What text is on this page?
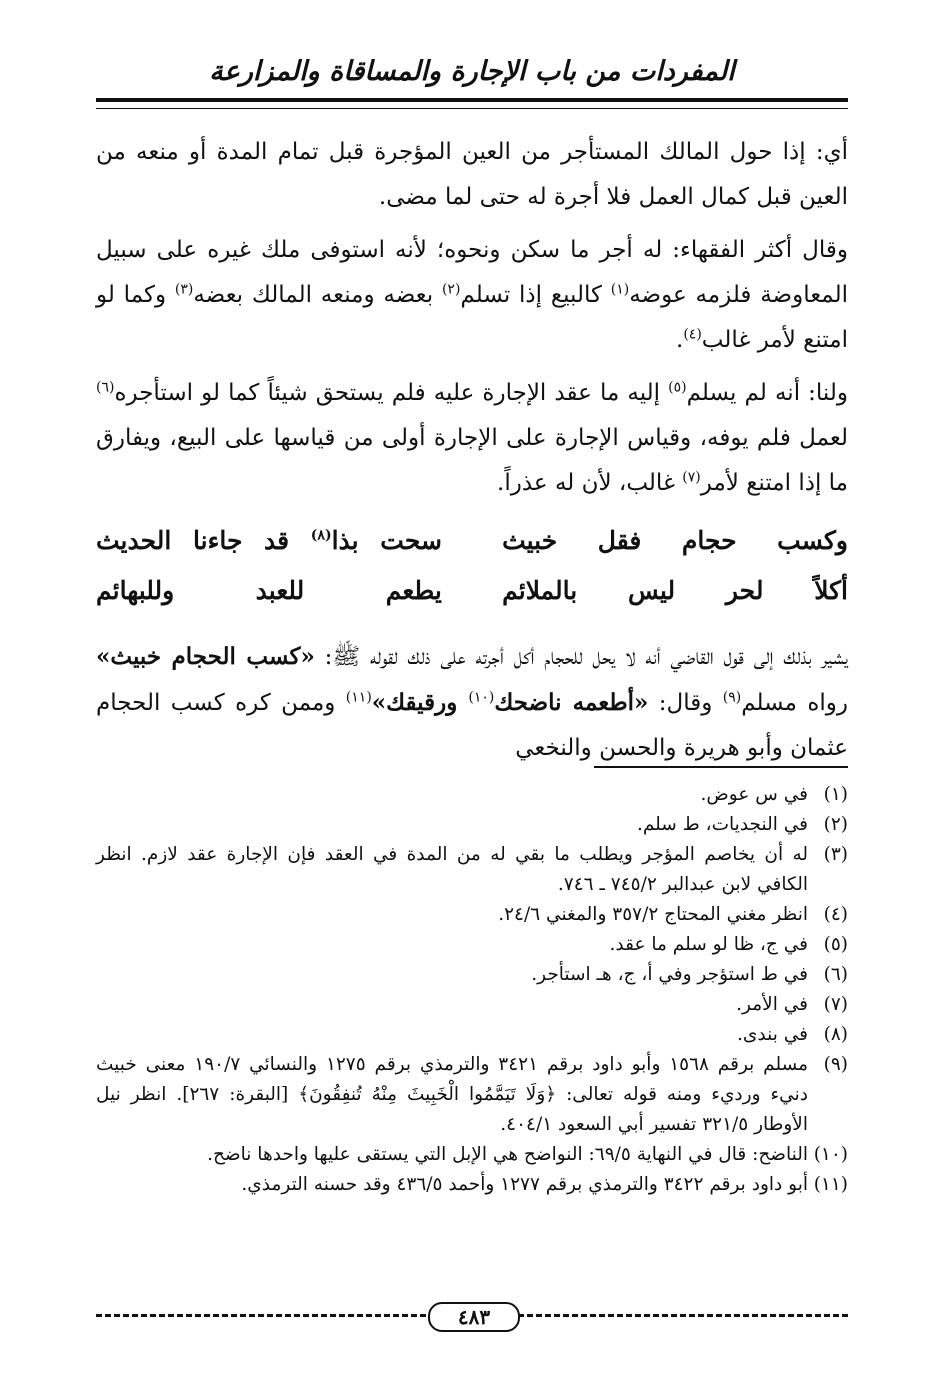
المفردات من باب الإجارة والمساقاة والمزارعة

أي: إذا حول المالك المستأجر من العين المؤجرة قبل تمام المدة أو منعه من العين قبل كمال العمل فلا أجرة له حتى لما مضى.

وقال أكثر الفقهاء: له أجر ما سكن ونحوه؛ لأنه استوفى ملك غيره على سبيل المعاوضة فلزمه عوضه$^{(١)}$ كالبيع إذا تسلم$^{(٢)}$ بعضه ومنعه المالك بعضه$^{(٣)}$ وكما لو امتنع لأمر غالب$^{(٤)}$.

ولنا: أنه لم يسلم$^{(٥)}$ إليه ما عقد الإجارة عليه فلم يستحق شيئاً كما لو استأجره$^{(٦)}$ لعمل فلم يوفه، وقياس الإجارة على الإجارة أولى من قياسها على البيع، ويفارق ما إذا امتنع لأمر$^{(٧)}$ غالب، لأن له عذراً.

وكسب حجام فقل خبيث
سحت بذا$^{(٨)}$ قد جاءنا الحديث
أكلاً لحر ليس بالملائم
يطعم للعبد وللبهائم

يشير بذلك إلى قول القاضي أنه لا يحل للحجام أكل أجرته على ذلك لقوله ﷺ: «كسب الحجام خبيث» رواه مسلم$^{(٩)}$ وقال: «أطعمه ناضحك$^{(١٠)}$ ورقيقك»$^{(١١)}$ وممن كره كسب الحجام عثمان وأبو هريرة والحسن والنخعي

(١)
في س عوض.
(٢)
في النجديات، ط سلم.
(٣)
له أن يخاصم المؤجر ويطلب ما بقي له من المدة في العقد فإن الإجارة عقد لازم. انظر الكافي لابن عبدالبر ٧٤٥/٢ ـ ٧٤٦.
(٤)
انظر مغني المحتاج ٣٥٧/٢ والمغني ٢٤/٦.
(٥)
في ج، ظا لو سلم ما عقد.
(٦)
في ط استؤجر وفي أ، ج، هـ استأجر.
(٧)
في الأمر.
(٨)
في بندى.
(٩)
مسلم برقم ١٥٦٨ وأبو داود برقم ٣٤٢١ والترمذي برقم ١٢٧٥ والنسائي ١٩٠/٧ معنى خبيث دنيء ورديء ومنه قوله تعالى: ﴿وَلَا تَيَمَّمُوا الْخَبِيثَ مِنْهُ تُنفِقُونَ﴾ [البقرة: ٢٦٧]. انظر نيل الأوطار ٣٢١/٥ تفسير أبي السعود ٤٠٤/١.
(١٠)
الناضح: قال في النهاية ٦٩/٥: النواضح هي الإبل التي يستقى عليها واحدها ناضح.
(١١)
أبو داود برقم ٣٤٢٢ والترمذي برقم ١٢٧٧ وأحمد ٤٣٦/٥ وقد حسنه الترمذي.
٤٨٣
